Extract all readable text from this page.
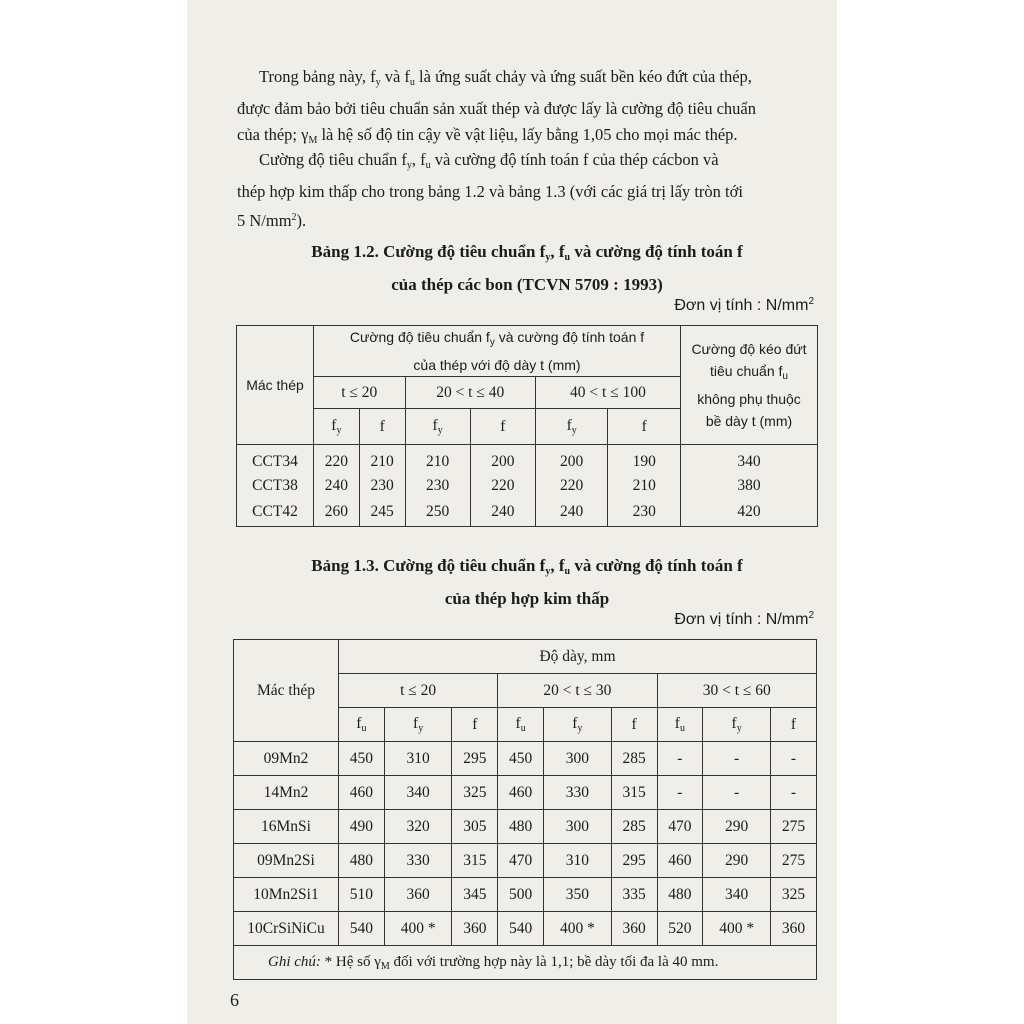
Trong bảng này, $f_y$ và $f_u$ là ứng suất chảy và ứng suất bền kéo đứt của thép,
được đảm bảo bởi tiêu chuẩn sản xuất thép và được lấy là cường độ tiêu chuẩn
của thép; $\gamma_M$ là hệ số độ tin cậy về vật liệu, lấy bằng 1,05 cho mọi mác thép.

Cường độ tiêu chuẩn $f_y$, $f_u$ và cường độ tính toán f của thép cácbon và
thép hợp kim thấp cho trong bảng 1.2 và bảng 1.3 (với các giá trị lấy tròn tới
5 $N/mm^2$).

Bảng 1.2. Cường độ tiêu chuẩn $f_y$, $f_u$ và cường độ tính toán f
của thép các bon (TCVN 5709 : 1993)

Đơn vị tính : $N/mm^2$
Mác thép	Cường độ tiêu chuẩn $f_y$ và cường độ tính toán f
của thép với độ dày t (mm)						Cường độ kéo đứt
tiêu chuẩn $f_u$
không phụ thuộc
bề dày t (mm)
	t ≤ 20		20 < t ≤ 40		40 < t ≤ 100		
	$f_y$	f	$f_y$	f	$f_y$	f	
CCT34	220	210	210	200	200	190	340
CCT38	240	230	230	220	220	210	380
CCT42	260	245	250	240	240	230	420

Bảng 1.3. Cường độ tiêu chuẩn $f_y$, $f_u$ và cường độ tính toán f
của thép hợp kim thấp

Đơn vị tính : $N/mm^2$
Mác thép	Độ dày, mm								
	t ≤ 20			20 < t ≤ 30			30 < t ≤ 60		
	$f_u$	$f_y$	f	$f_u$	$f_y$	f	$f_u$	$f_y$	f
09Mn2	450	310	295	450	300	285	-	-	-
14Mn2	460	340	325	460	330	315	-	-	-
16MnSi	490	320	305	480	300	285	470	290	275
09Mn2Si	480	330	315	470	310	295	460	290	275
10Mn2Si1	510	360	345	500	350	335	480	340	325
10CrSiNiCu	540	400 *	360	540	400 *	360	520	400 *	360
Ghi chú: * Hệ số $\gamma_M$ đối với trường hợp này là 1,1; bề dày tối đa là 40 mm.									
6
